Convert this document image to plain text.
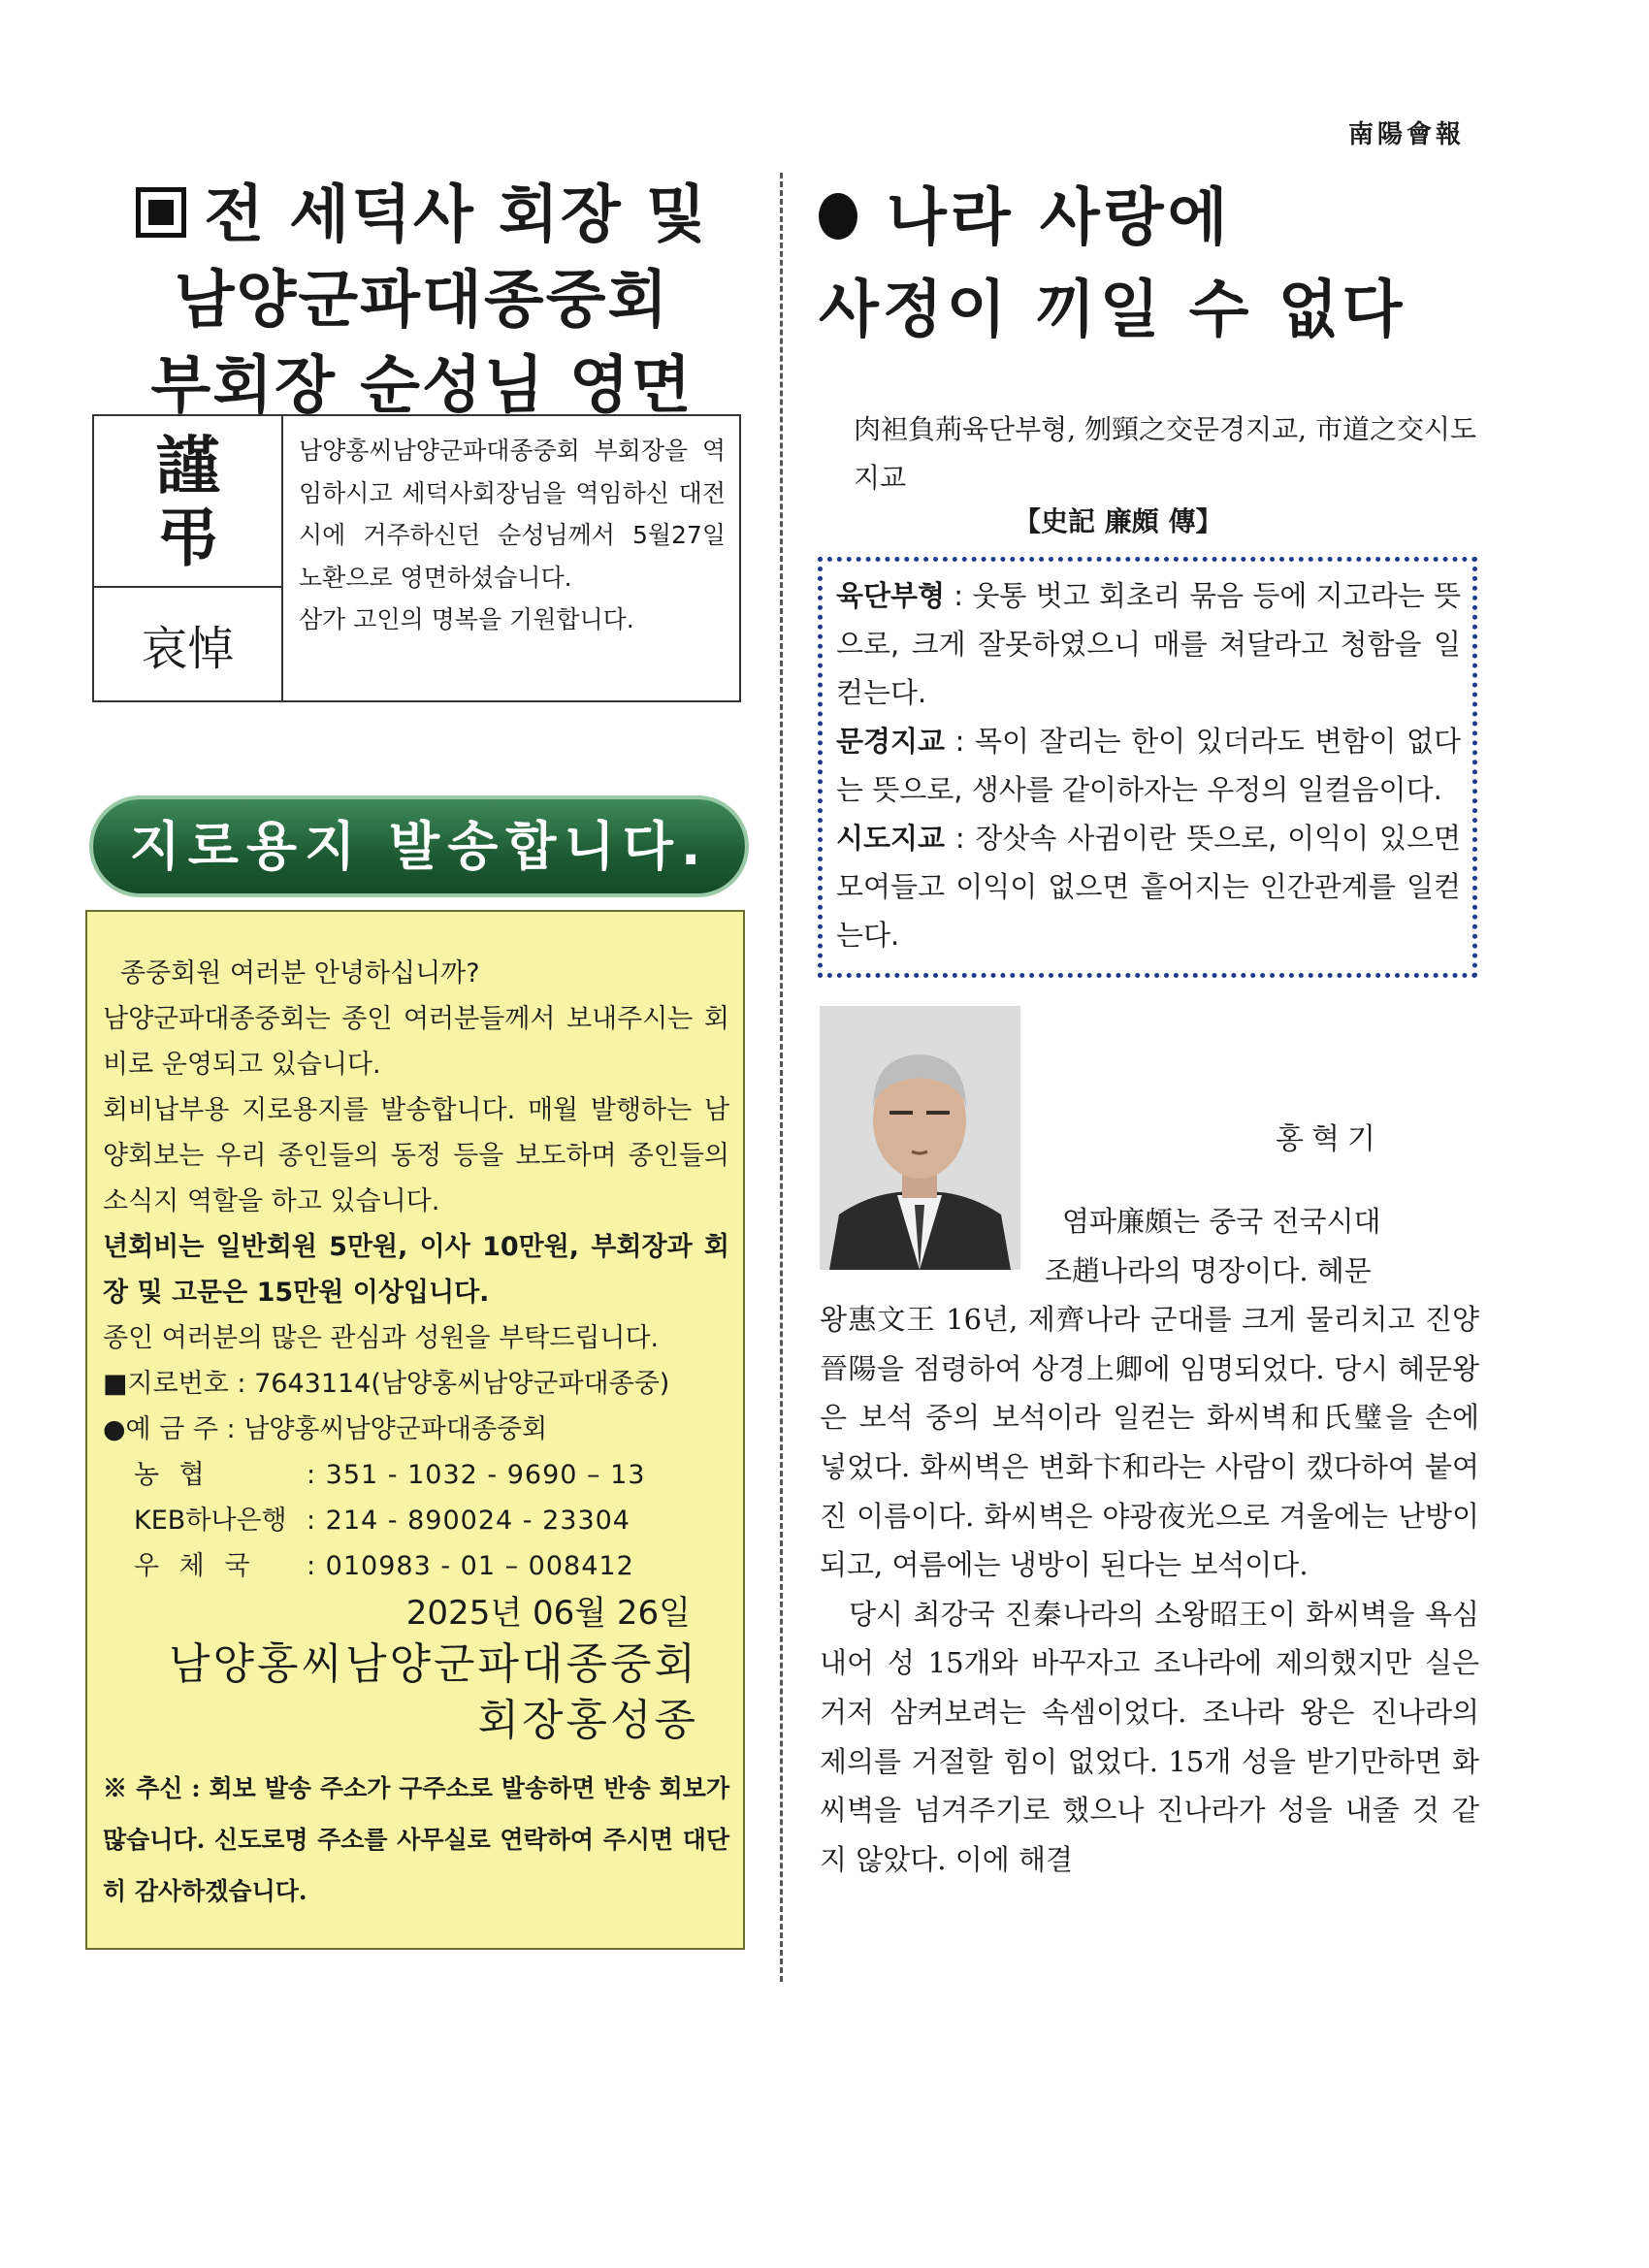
南陽會報
전 세덕사 회장 및
남양군파대종중회
부회장 순성님 영면
謹
弔
哀悼
남양홍씨남양군파대종중회 부회장을 역임하시고 세덕사회장님을 역임하신 대전시에 거주하신던 순성님께서 5월27일 노환으로 영면하셨습니다.
삼가 고인의 명복을 기원합니다.
지로용지 발송합니다.

종중회원 여러분 안녕하십니까?

남양군파대종중회는 종인 여러분들께서 보내주시는 회비로 운영되고 있습니다.

회비납부용 지로용지를 발송합니다. 매월 발행하는 남양회보는 우리 종인들의 동정 등을 보도하며 종인들의 소식지 역할을 하고 있습니다.

년회비는 일반회원 5만원, 이사 10만원, 부회장과 회장 및 고문은 15만원 이상입니다.

종인 여러분의 많은 관심과 성원을 부탁드립니다.

■지로번호 : 7643114(남양홍씨남양군파대종중)

●예 금 주 : 남양홍씨남양군파대종중회

농 협	: 351 - 1032 - 9690 – 13
KEB하나은행 : 214 - 890024 - 23304
우 체 국	: 010983 - 01 – 008412

2025년 06월 26일

남양홍씨남양군파대종중회

회장홍성종

※ 추신 : 회보 발송 주소가 구주소로 발송하면 반송 회보가 많습니다. 신도로명 주소를 사무실로 연락하여 주시면 대단히 감사하겠습니다.

나라 사랑에
사정이 끼일 수 없다
肉袒負荊육단부형, 刎頸之交문경지교, 市道之交시도지교
【史記 廉頗 傳】

육단부형 : 웃통 벗고 회초리 묶음 등에 지고라는 뜻으로, 크게 잘못하였으니 매를 쳐달라고 청함을 일컫는다.

문경지교 : 목이 잘리는 한이 있더라도 변함이 없다는 뜻으로, 생사를 같이하자는 우정의 일컬음이다.

시도지교 : 장삿속 사귐이란 뜻으로, 이익이 있으면 모여들고 이익이 없으면 흩어지는 인간관계를 일컫는다.

홍혁기

염파廉頗는 중국 전국시대

조趙나라의 명장이다. 혜문

왕惠文王 16년, 제齊나라 군대를 크게 물리치고 진양晉陽을 점령하여 상경上卿에 임명되었다. 당시 혜문왕은 보석 중의 보석이라 일컫는 화씨벽和氏璧을 손에 넣었다. 화씨벽은 변화卞和라는 사람이 캤다하여 붙여진 이름이다. 화씨벽은 야광夜光으로 겨울에는 난방이 되고, 여름에는 냉방이 된다는 보석이다.

당시 최강국 진秦나라의 소왕昭王이 화씨벽을 욕심내어 성 15개와 바꾸자고 조나라에 제의했지만 실은 거저 삼켜보려는 속셈이었다. 조나라 왕은 진나라의 제의를 거절할 힘이 없었다. 15개 성을 받기만하면 화씨벽을 넘겨주기로 했으나 진나라가 성을 내줄 것 같지 않았다. 이에 해결
